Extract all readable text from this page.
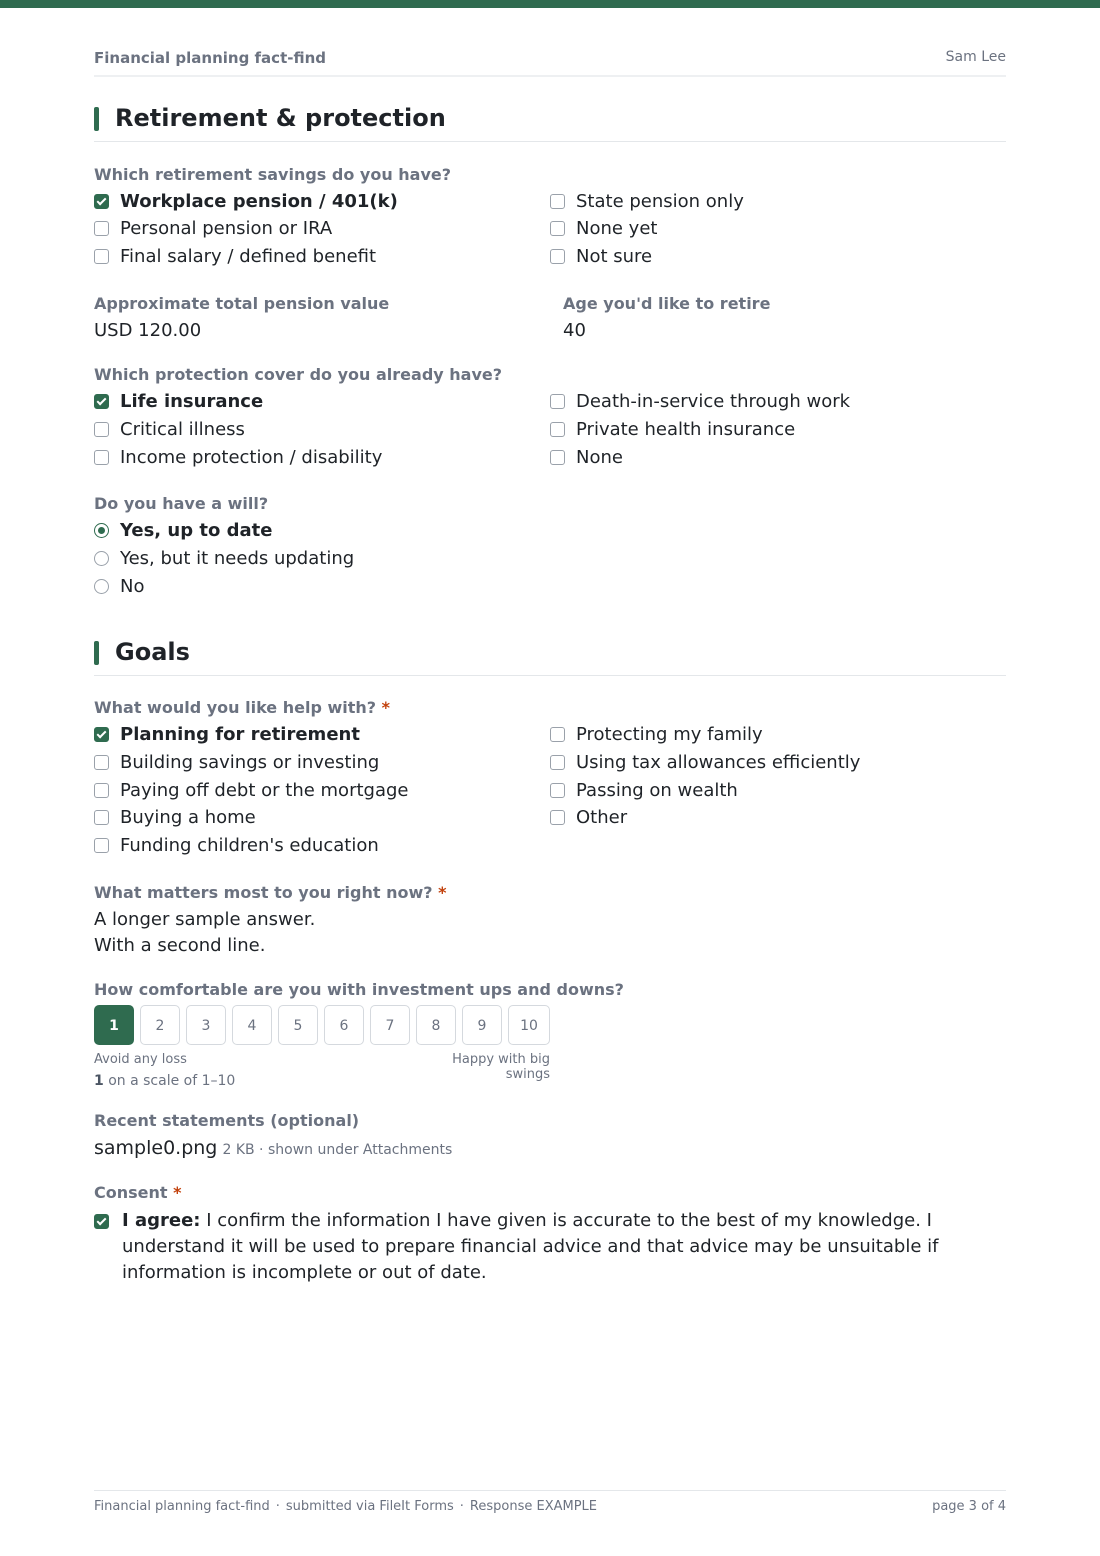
Financial planning fact-find	Sam Lee
Retirement & protection
Which retirement savings do you have?
Workplace pension / 401(k)
Personal pension or IRA
Final salary / defined benefit
State pension only
None yet
Not sure
Approximate total pension value
USD 120.00
Age you'd like to retire
40
Which protection cover do you already have?
Life insurance
Critical illness
Income protection / disability
Death-in-service through work
Private health insurance
None
Do you have a will?
Yes, up to date
Yes, but it needs updating
No
Goals
What would you like help with? *
Planning for retirement
Building savings or investing
Paying off debt or the mortgage
Buying a home
Funding children's education
Protecting my family
Using tax allowances efficiently
Passing on wealth
Other
What matters most to you right now? *
A longer sample answer.
With a second line.
How comfortable are you with investment ups and downs?
1	2	3	4	5	6	7	8	9	10
Avoid any loss	Happy with big swings
1 on a scale of 1–10
Recent statements (optional)
sample0.png 2 KB · shown under Attachments
Consent *
I agree: I confirm the information I have given is accurate to the best of my knowledge. I understand it will be used to prepare financial advice and that advice may be unsuitable if information is incomplete or out of date.
Financial planning fact-find · submitted via FileIt Forms · Response EXAMPLE	page 3 of 4
